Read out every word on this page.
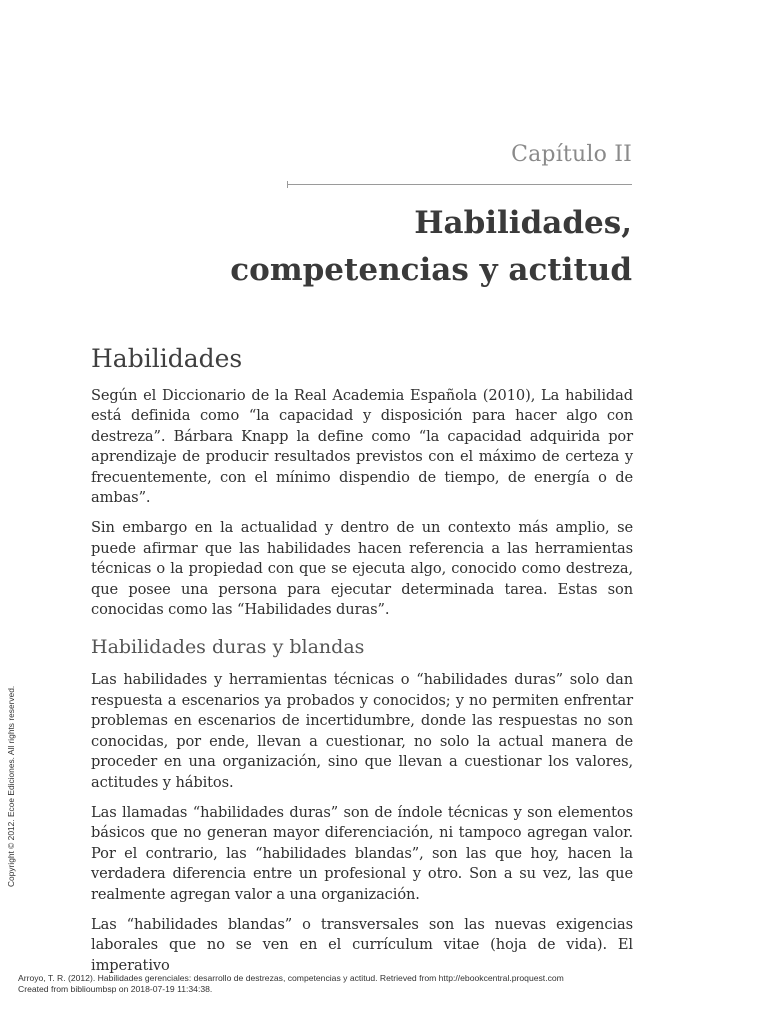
Capítulo II
Habilidades,
competencias y actitud
Habilidades

Según el Diccionario de la Real Academia Española (2010), La habilidad está definida como “la capacidad y disposición para hacer algo con destreza”. Bárbara Knapp la define como “la capacidad adquirida por aprendizaje de producir resultados previstos con el máximo de certeza y frecuentemente, con el mínimo dispendio de tiempo, de energía o de ambas”.

Sin embargo en la actualidad y dentro de un contexto más amplio, se puede afirmar que las habilidades hacen referencia a las herramientas técnicas o la propiedad con que se ejecuta algo, conocido como destreza, que posee una persona para ejecutar determinada tarea. Estas son conocidas como las “Habilidades duras”.

Habilidades duras y blandas

Las habilidades y herramientas técnicas o “habilidades duras” solo dan respuesta a escenarios ya probados y conocidos; y no permiten enfrentar problemas en escenarios de incertidumbre, donde las respuestas no son conocidas, por ende, llevan a cuestionar, no solo la actual manera de proceder en una organización, sino que llevan a cuestionar los valores, actitudes y hábitos.

Las llamadas “habilidades duras” son de índole técnicas y son elementos básicos que no generan mayor diferenciación, ni tampoco agregan valor. Por el contrario, las “habilidades blandas”, son las que hoy, hacen la verdadera diferencia entre un profesional y otro. Son a su vez, las que realmente agregan valor a una organización.

Las “habilidades blandas” o transversales son las nuevas exigencias laborales que no se ven en el currículum vitae (hoja de vida). El imperativo

Copyright © 2012. Ecoe Ediciones. All rights reserved.
Arroyo, T. R. (2012). Habilidades gerenciales: desarrollo de destrezas, competencias y actitud. Retrieved from http://ebookcentral.proquest.com
Created from biblioumbsp on 2018-07-19 11:34:38.
